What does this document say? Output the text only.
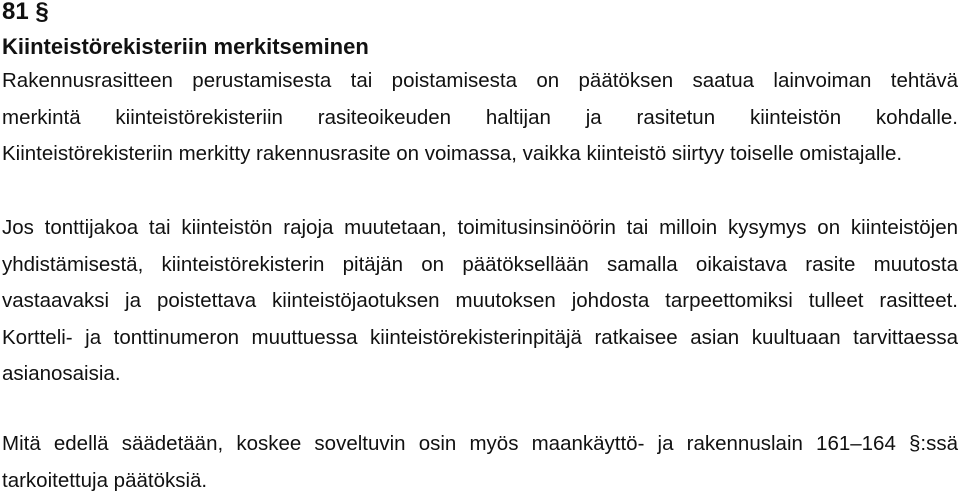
81 §
Kiinteistörekisteriin merkitseminen
Rakennusrasitteen perustamisesta tai poistamisesta on päätöksen saatua lainvoiman tehtävä
merkintä kiinteistörekisteriin rasiteoikeuden haltijan ja rasitetun kiinteistön kohdalle.
Kiinteistörekisteriin merkitty rakennusrasite on voimassa, vaikka kiinteistö siirtyy toiselle omistajalle.
Jos tonttijakoa tai kiinteistön rajoja muutetaan, toimitusinsinöörin tai milloin kysymys on kiinteistöjen
yhdistämisestä, kiinteistörekisterin pitäjän on päätöksellään samalla oikaistava rasite muutosta
vastaavaksi ja poistettava kiinteistöjaotuksen muutoksen johdosta tarpeettomiksi tulleet rasitteet.
Kortteli- ja tonttinumeron muuttuessa kiinteistörekisterinpitäjä ratkaisee asian kuultuaan tarvittaessa
asianosaisia.
Mitä edellä säädetään, koskee soveltuvin osin myös maankäyttö- ja rakennuslain 161–164 §:ssä
tarkoitettuja päätöksiä.
